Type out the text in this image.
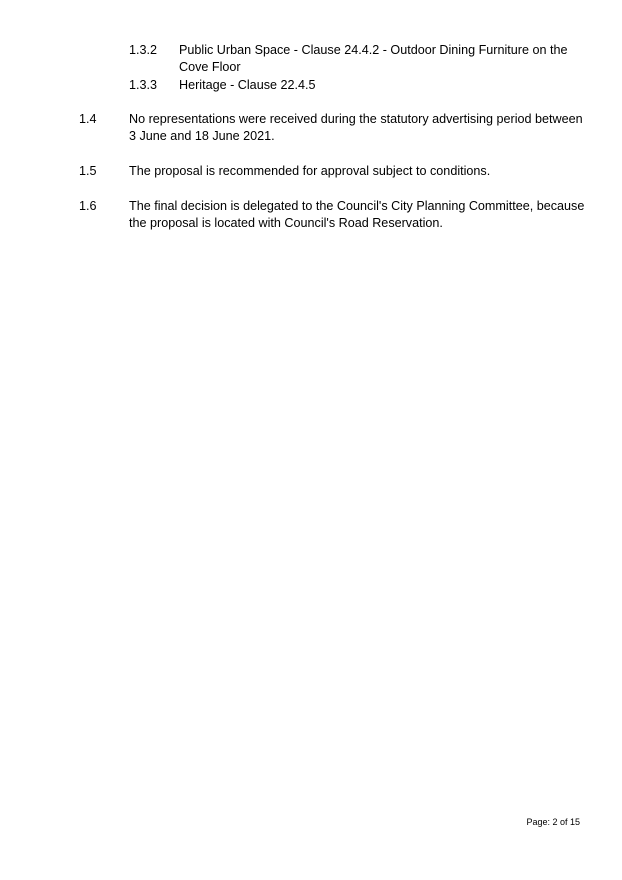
1.3.2 Public Urban Space - Clause 24.4.2 - Outdoor Dining Furniture on the
Cove Floor
1.3.3 Heritage - Clause 22.4.5
1.4	No representations were received during the statutory advertising period between
3 June and 18 June 2021.
1.5	The proposal is recommended for approval subject to conditions.
1.6	The final decision is delegated to the Council's City Planning Committee, because
the proposal is located with Council's Road Reservation.
Page: 2 of 15
